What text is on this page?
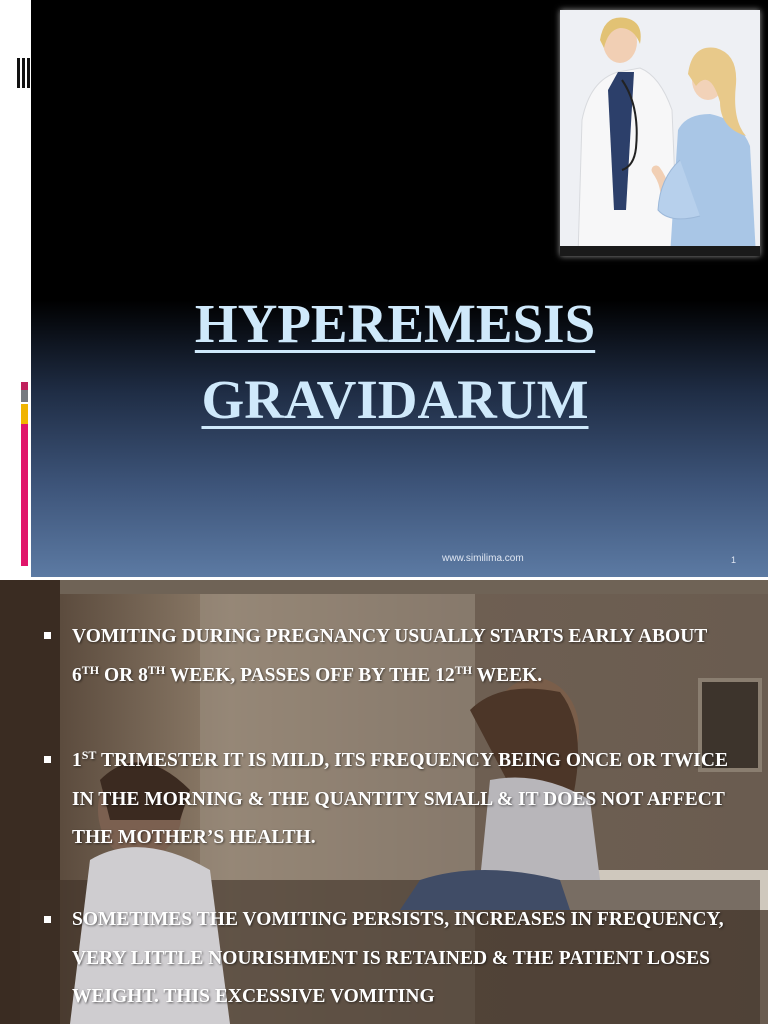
HYPEREMESIS
GRAVIDARUM
www.similima.com	1
VOMITING DURING PREGNANCY USUALLY STARTS EARLY ABOUT 6TH OR 8TH WEEK, PASSES OFF BY THE 12TH WEEK.
1ST TRIMESTER IT IS MILD, ITS FREQUENCY BEING ONCE OR TWICE IN THE MORNING & THE QUANTITY SMALL & IT DOES NOT AFFECT THE MOTHER’S HEALTH.
SOMETIMES THE VOMITING PERSISTS, INCREASES IN FREQUENCY, VERY LITTLE NOURISHMENT IS RETAINED & THE PATIENT LOSES WEIGHT. THIS EXCESSIVE VOMITING
